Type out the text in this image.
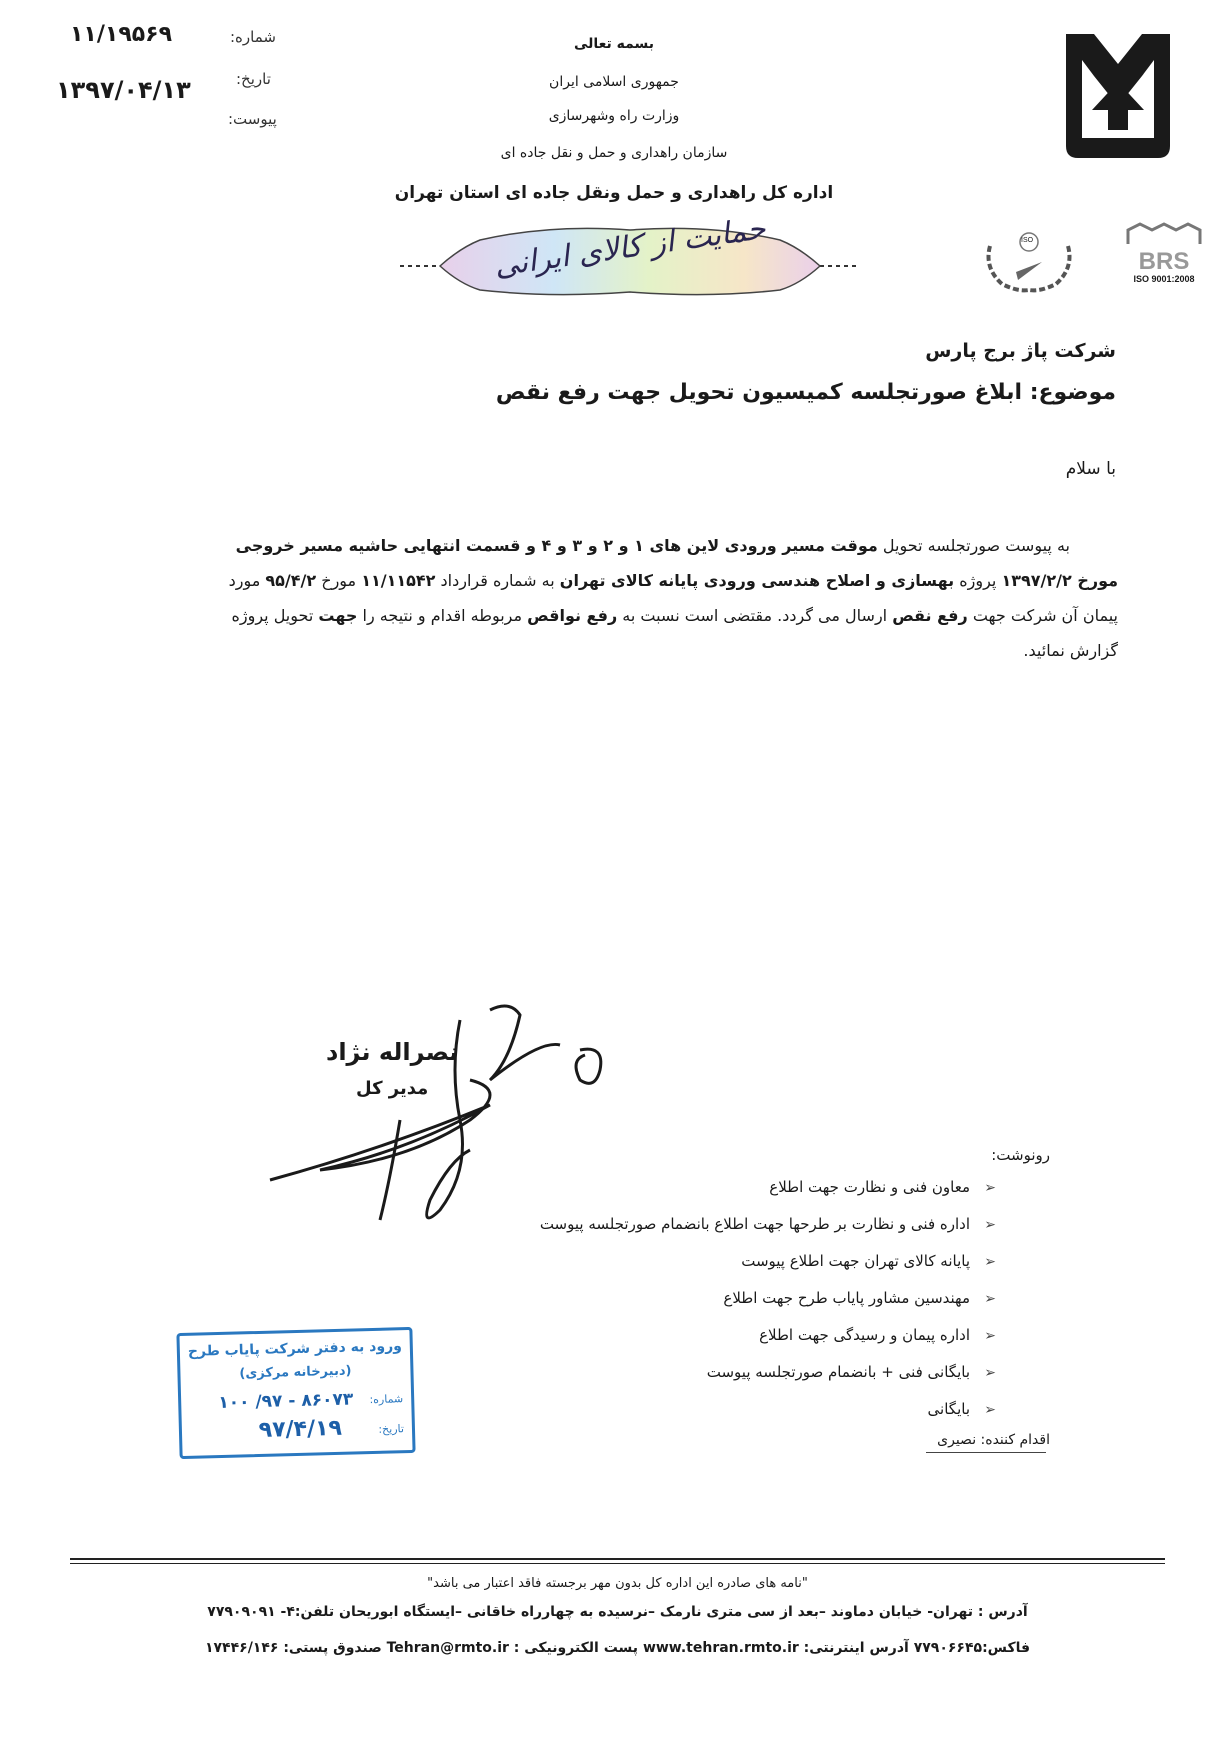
BRS
ISO 9001:2008
ISO
شماره:
۱۱/۱۹۵۶۹
تاریخ:
۱۳۹۷/۰۴/۱۳
پیوست:
بسمه تعالی
جمهوری اسلامی ایران
وزارت راه وشهرسازی
سازمان راهداری و حمل و نقل جاده ای
اداره کل راهداری و حمل ونقل جاده ای استان تهران
حمایت از کالای ایرانی
شرکت پاژ برج پارس
موضوع: ابلاغ صورتجلسه کمیسیون تحویل جهت رفع نقص
با سلام
به پیوست صورتجلسه تحویل موقت مسیر ورودی لاین های ۱ و ۲ و ۳ و ۴ و قسمت انتهایی حاشیه مسیر خروجی
مورخ ۱۳۹۷/۲/۲ پروژه بهسازی و اصلاح هندسی ورودی پایانه کالای تهران به شماره قرارداد ۱۱/۱۱۵۴۲ مورخ ۹۵/۴/۲ مورد
پیمان آن شرکت جهت رفع نقص ارسال می گردد. مقتضی است نسبت به رفع نواقص مربوطه اقدام و نتیجه را جهت تحویل پروژه
گزارش نمائید.
نصراله نژاد
مدیر کل
رونوشت:
➢معاون فنی و نظارت جهت اطلاع
➢اداره فنی و نظارت بر طرحها جهت اطلاع بانضمام صورتجلسه پیوست
➢پایانه کالای تهران جهت اطلاع پیوست
➢مهندسین مشاور پایاب طرح جهت اطلاع
➢اداره پیمان و رسیدگی جهت اطلاع
➢بایگانی فنی + بانضمام صورتجلسه پیوست
➢بایگانی
اقدام کننده: نصیری
ورود به دفتر شرکت پایاب طرح
(دبیرخانه مرکزی)
شماره:
۸۶۰۷۳ - ۹۷/ ۱۰۰
تاریخ:
۹۷/۴/۱۹
"نامه های صادره این اداره کل بدون مهر برجسته فاقد اعتبار می باشد"
آدرس : تهران- خیابان دماوند –بعد از سی متری نارمک –نرسیده به چهارراه خاقانی –ایستگاه ابوریحان تلفن:۴- ۷۷۹۰۹۰۹۱
فاکس:۷۷۹۰۶۶۴۵ آدرس اینترنتی: www.tehran.rmto.ir پست الکترونیکی : Tehran@rmto.ir صندوق پستی: ۱۷۴۴۶/۱۴۶
